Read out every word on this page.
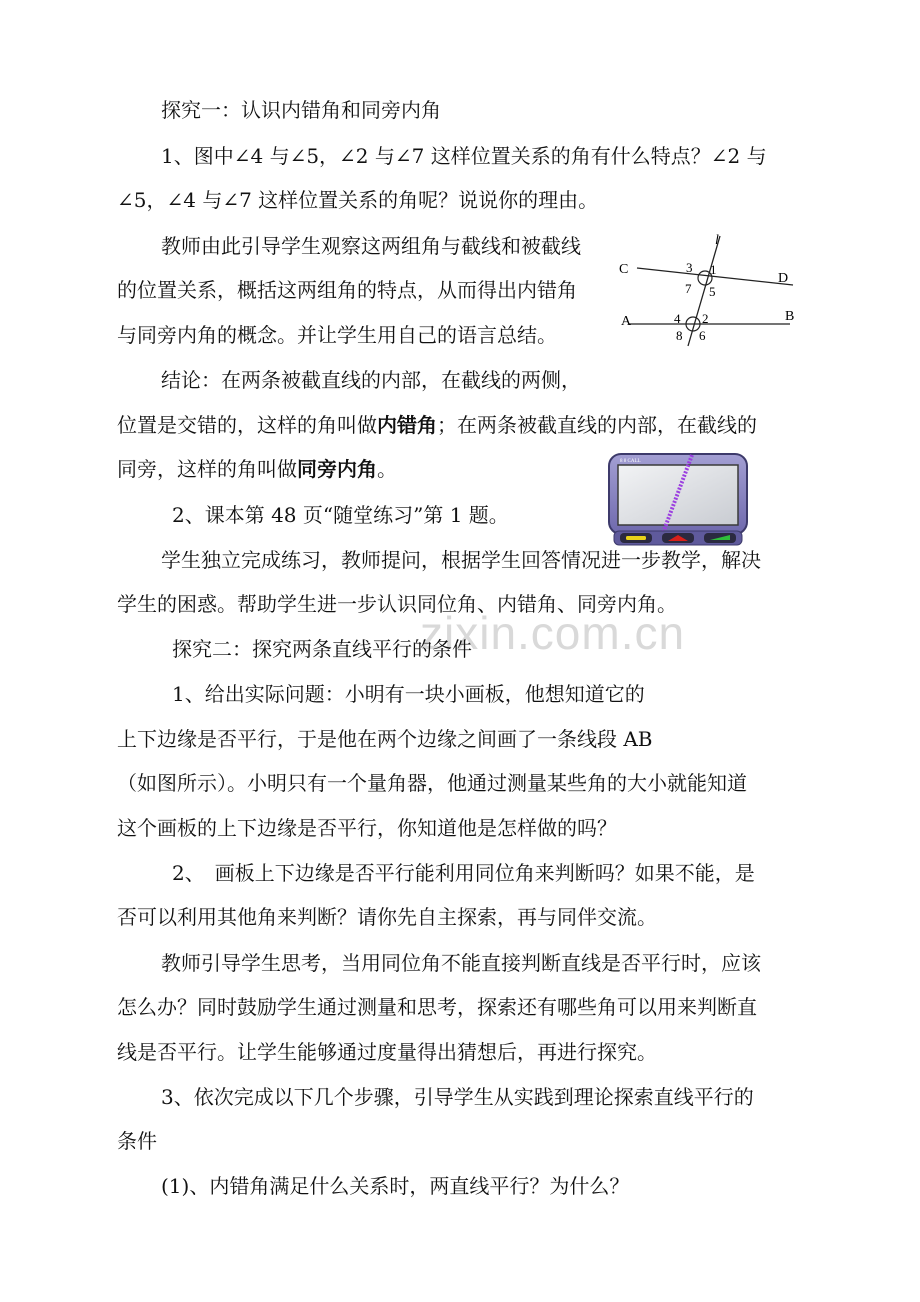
zixin.com.cn
探究一：认识内错角和同旁内角
1、图中∠4 与∠5，∠2 与∠7 这样位置关系的角有什么特点？∠2 与
∠5，∠4 与∠7 这样位置关系的角呢？说说你的理由。
教师由此引导学生观察这两组角与截线和被截线
的位置关系，概括这两组角的特点，从而得出内错角
与同旁内角的概念。并让学生用自己的语言总结。
结论：在两条被截直线的内部，在截线的两侧，
位置是交错的，这样的角叫做内错角；在两条被截直线的内部，在截线的
同旁，这样的角叫做同旁内角。
2、课本第 48 页“随堂练习”第 1 题。
学生独立完成练习，教师提问，根据学生回答情况进一步教学，解决
学生的困惑。帮助学生进一步认识同位角、内错角、同旁内角。
探究二：探究两条直线平行的条件
1、给出实际问题：小明有一块小画板，他想知道它的
上下边缘是否平行，于是他在两个边缘之间画了一条线段 AB
（如图所示）。小明只有一个量角器，他通过测量某些角的大小就能知道
这个画板的上下边缘是否平行，你知道他是怎样做的吗？
2、　画板上下边缘是否平行能利用同位角来判断吗？如果不能，是
否可以利用其他角来判断？请你先自主探索，再与同伴交流。
教师引导学生思考，当用同位角不能直接判断直线是否平行时，应该
怎么办？同时鼓励学生通过测量和思考，探索还有哪些角可以用来判断直
线是否平行。让学生能够通过度量得出猜想后，再进行探究。
3、依次完成以下几个步骤，引导学生从实践到理论探索直线平行的
条件
(1)、内错角满足什么关系时，两直线平行？为什么？
l
C
D
A	B
3 1
7 5
4 2
8 6
8 8 CALL
